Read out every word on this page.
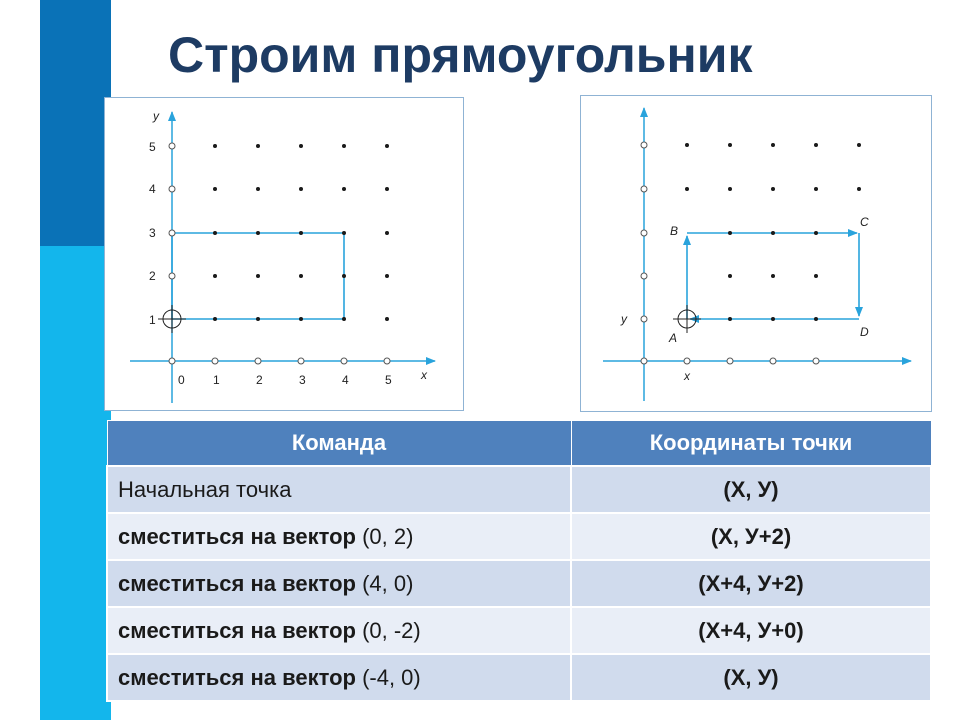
Строим прямоугольник
y
x
0 1	2	3	4	5
1
2
3
4
5
y
x
A
B
C
D
Команда	Координаты точки
Начальная точка	(X, У)
сместиться на вектор (0, 2)	(X, У+2)
сместиться на вектор (4, 0)	(X+4, У+2)
сместиться на вектор (0, -2)	(X+4, У+0)
сместиться на вектор (-4, 0)	(X, У)
